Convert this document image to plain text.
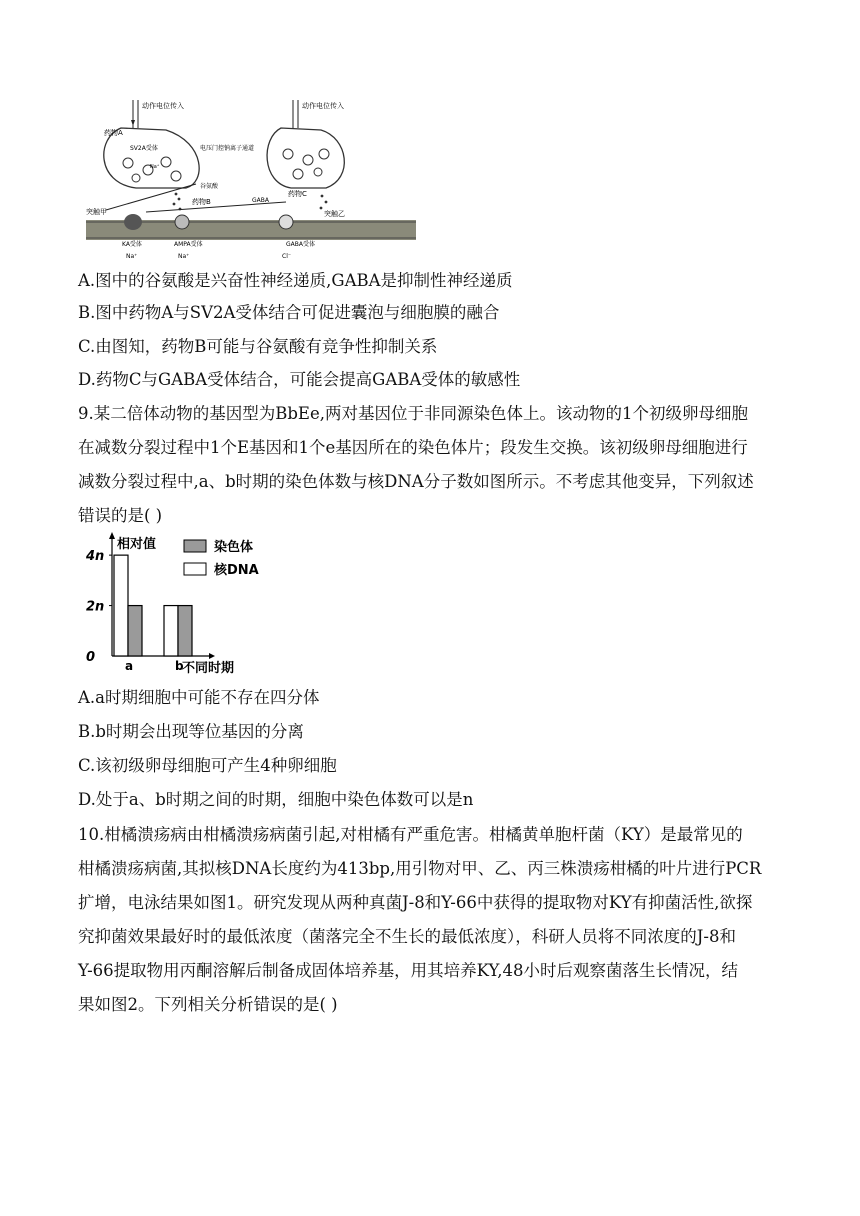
动作电位传入	动作电位传入
药物A
SV2A受体	电压门控钠离子通道
谷氨酸
突触甲
药物B	GABA
药物C
突触乙
KA受体	AMPA受体	GABA受体
Na⁺	Na⁺	Cl⁻
Na⁺
A.图中的谷氨酸是兴奋性神经递质,GABA是抑制性神经递质
B.图中药物A与SV2A受体结合可促进囊泡与细胞膜的融合
C.由图知，药物B可能与谷氨酸有竞争性抑制关系
D.药物C与GABA受体结合，可能会提高GABA受体的敏感性
9.某二倍体动物的基因型为BbEe,两对基因位于非同源染色体上。该动物的1个初级卵母细胞
在减数分裂过程中1个E基因和1个e基因所在的染色体片；段发生交换。该初级卵母细胞进行
减数分裂过程中,a、b时期的染色体数与核DNA分子数如图所示。不考虑其他变异，下列叙述
错误的是( )
相对值
4n
2n
0
a	b
不同时期
染色体
核DNA
A.a时期细胞中可能不存在四分体
B.b时期会出现等位基因的分离
C.该初级卵母细胞可产生4种卵细胞
D.处于a、b时期之间的时期，细胞中染色体数可以是n
10.柑橘溃疡病由柑橘溃疡病菌引起,对柑橘有严重危害。柑橘黄单胞杆菌（KY）是最常见的
柑橘溃疡病菌,其拟核DNA长度约为413bp,用引物对甲、乙、丙三株溃疡柑橘的叶片进行PCR
扩增，电泳结果如图1。研究发现从两种真菌J-8和Y-66中获得的提取物对KY有抑菌活性,欲探
究抑菌效果最好时的最低浓度（菌落完全不生长的最低浓度），科研人员将不同浓度的J-8和
Y-66提取物用丙酮溶解后制备成固体培养基，用其培养KY,48小时后观察菌落生长情况，结
果如图2。下列相关分析错误的是( )
